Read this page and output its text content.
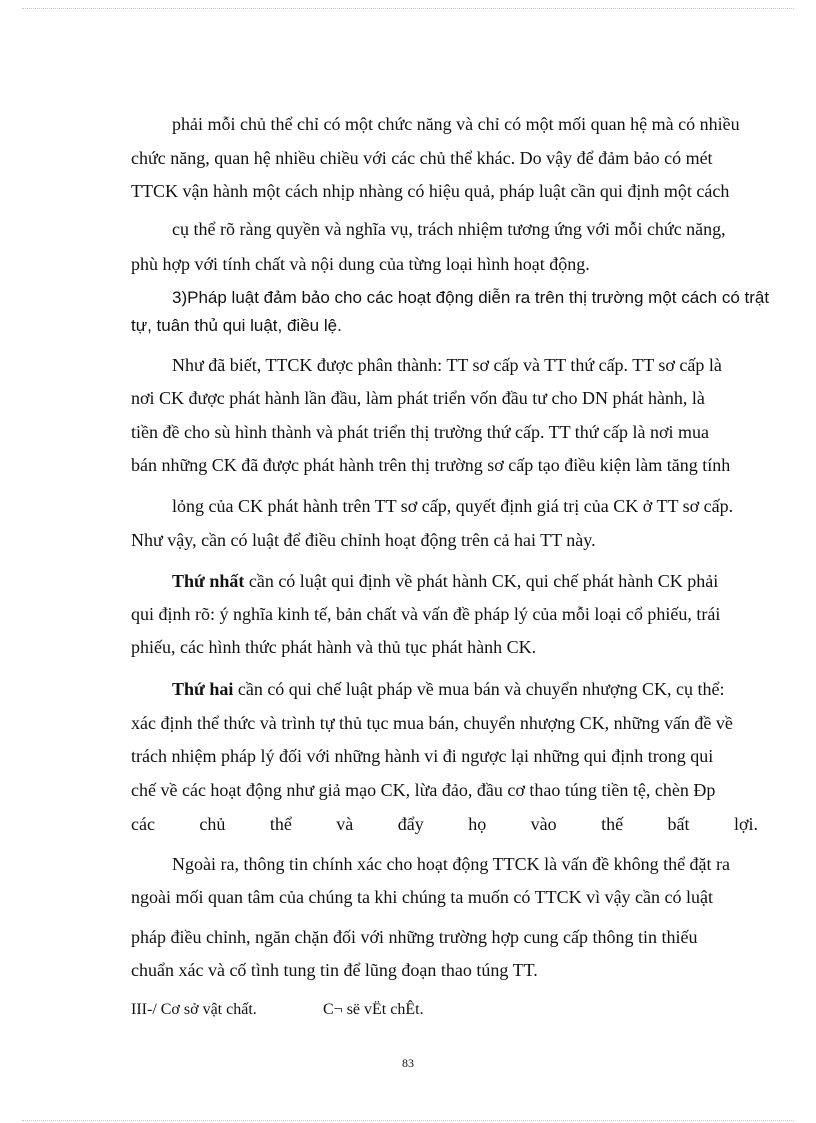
phải mỗi chủ thể chỉ có một chức năng và chỉ có một mối quan hệ mà có nhiều
chức năng, quan hệ nhiều chiều với các chủ thể khác. Do vậy để đảm bảo có mét
TTCK vận hành một cách nhịp nhàng có hiệu quả, pháp luật cần qui định một cách
cụ thể rõ ràng quyền và nghĩa vụ, trách nhiệm tương ứng với mỗi chức năng,
phù hợp với tính chất và nội dung của từng loại hình hoạt động.
3)Pháp luật đảm bảo cho các hoạt động diễn ra trên thị trường một cách có trật
tự, tuân thủ qui luật, điều lệ.
Như đã biết, TTCK được phân thành: TT sơ cấp và TT thứ cấp. TT sơ cấp là
nơi CK được phát hành lần đầu, làm phát triển vốn đầu tư cho DN phát hành, là
tiền đề cho sù hình thành và phát triển thị trường thứ cấp. TT thứ cấp là nơi mua
bán những CK đã được phát hành trên thị trường sơ cấp tạo điều kiện làm tăng tính
lỏng của CK phát hành trên TT sơ cấp, quyết định giá trị của CK ở TT sơ cấp.
Như vậy, cần có luật để điều chỉnh hoạt động trên cả hai TT này.
Thứ nhất cần có luật qui định về phát hành CK, qui chế phát hành CK phải
qui định rõ: ý nghĩa kinh tế, bản chất và vấn đề pháp lý của mỗi loại cổ phiếu, trái
phiếu, các hình thức phát hành và thủ tục phát hành CK.
Thứ hai cần có qui chế luật pháp về mua bán và chuyển nhượng CK, cụ thể:
xác định thể thức và trình tự thủ tục mua bán, chuyển nhượng CK, những vấn đề về
trách nhiệm pháp lý đối với những hành vi đi ngược lại những qui định trong qui
chế về các hoạt động như giả mạo CK, lừa đảo, đầu cơ thao túng tiền tệ, chèn Ðp
các chủ thể và đẩy họ vào thế bất lợi.
Ngoài ra, thông tin chính xác cho hoạt động TTCK là vấn đề không thể đặt ra
ngoài mối quan tâm của chúng ta khi chúng ta muốn có TTCK vì vậy cần có luật
pháp điều chỉnh, ngăn chặn đối với những trường hợp cung cấp thông tin thiếu
chuẩn xác và cố tình tung tin để lũng đoạn thao túng TT.
III-/ Cơ sở vật chất.	C¬ së vËt chÊt.
83
